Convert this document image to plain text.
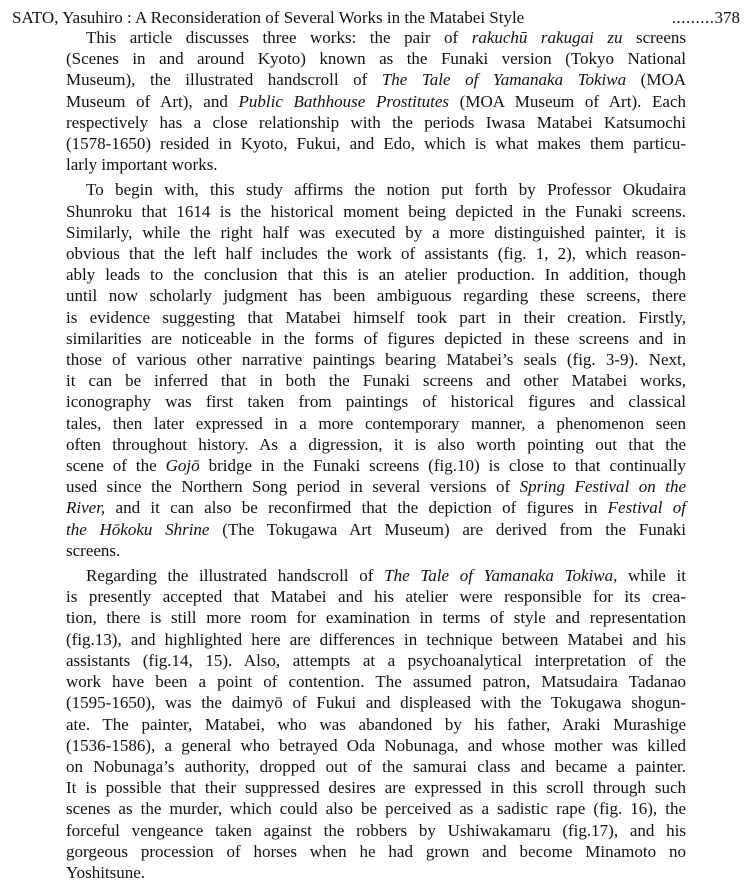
SATO, Yasuhiro : A Reconsideration of Several Works in the Matabei Style	.........378
This article discusses three works: the pair of rakuchū rakugai zu screens
(Scenes in and around Kyoto) known as the Funaki version (Tokyo National
Museum), the illustrated handscroll of The Tale of Yamanaka Tokiwa (MOA
Museum of Art), and Public Bathhouse Prostitutes (MOA Museum of Art). Each
respectively has a close relationship with the periods Iwasa Matabei Katsumochi
(1578-1650) resided in Kyoto, Fukui, and Edo, which is what makes them particu-
larly important works.
To begin with, this study affirms the notion put forth by Professor Okudaira
Shunroku that 1614 is the historical moment being depicted in the Funaki screens.
Similarly, while the right half was executed by a more distinguished painter, it is
obvious that the left half includes the work of assistants (fig. 1, 2), which reason-
ably leads to the conclusion that this is an atelier production. In addition, though
until now scholarly judgment has been ambiguous regarding these screens, there
is evidence suggesting that Matabei himself took part in their creation. Firstly,
similarities are noticeable in the forms of figures depicted in these screens and in
those of various other narrative paintings bearing Matabei’s seals (fig. 3-9). Next,
it can be inferred that in both the Funaki screens and other Matabei works,
iconography was first taken from paintings of historical figures and classical
tales, then later expressed in a more contemporary manner, a phenomenon seen
often throughout history. As a digression, it is also worth pointing out that the
scene of the Gojō bridge in the Funaki screens (fig.10) is close to that continually
used since the Northern Song period in several versions of Spring Festival on the
River, and it can also be reconfirmed that the depiction of figures in Festival of
the Hōkoku Shrine (The Tokugawa Art Museum) are derived from the Funaki
screens.
Regarding the illustrated handscroll of The Tale of Yamanaka Tokiwa, while it
is presently accepted that Matabei and his atelier were responsible for its crea-
tion, there is still more room for examination in terms of style and representation
(fig.13), and highlighted here are differences in technique between Matabei and his
assistants (fig.14, 15). Also, attempts at a psychoanalytical interpretation of the
work have been a point of contention. The assumed patron, Matsudaira Tadanao
(1595-1650), was the daimyō of Fukui and displeased with the Tokugawa shogun-
ate. The painter, Matabei, who was abandoned by his father, Araki Murashige
(1536-1586), a general who betrayed Oda Nobunaga, and whose mother was killed
on Nobunaga’s authority, dropped out of the samurai class and became a painter.
It is possible that their suppressed desires are expressed in this scroll through such
scenes as the murder, which could also be perceived as a sadistic rape (fig. 16), the
forceful vengeance taken against the robbers by Ushiwakamaru (fig.17), and his
gorgeous procession of horses when he had grown and become Minamoto no
Yoshitsune.
